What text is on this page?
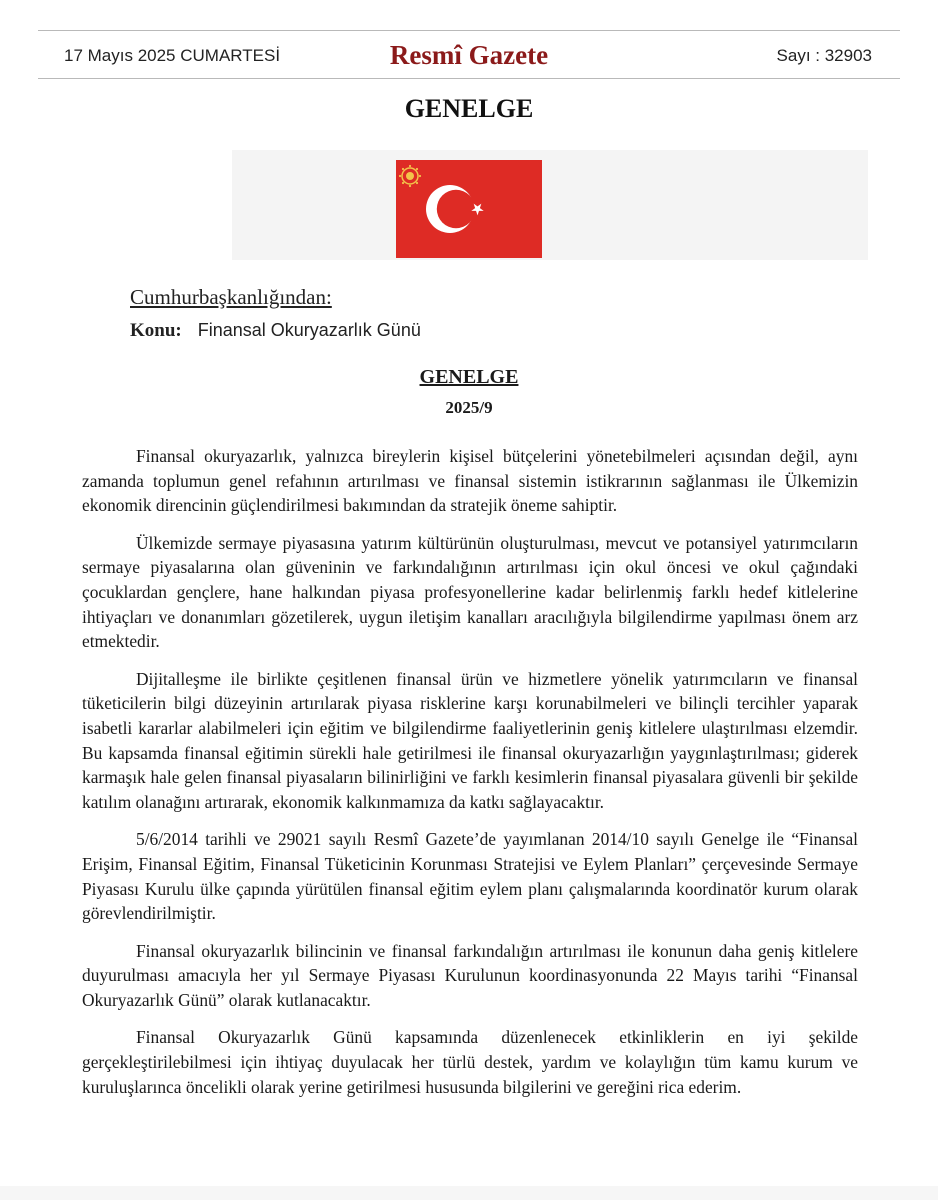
17 Mayıs 2025 CUMARTESİ	Resmî Gazete	Sayı : 32903
GENELGE
Cumhurbaşkanlığından:
Konu: Finansal Okuryazarlık Günü
GENELGE
2025/9

Finansal okuryazarlık, yalnızca bireylerin kişisel bütçelerini yönetebilmeleri açısından değil, aynı zamanda toplumun genel refahının artırılması ve finansal sistemin istikrarının sağlanması ile Ülkemizin ekonomik direncinin güçlendirilmesi bakımından da stratejik öneme sahiptir.

Ülkemizde sermaye piyasasına yatırım kültürünün oluşturulması, mevcut ve potansiyel yatırımcıların sermaye piyasalarına olan güveninin ve farkındalığının artırılması için okul öncesi ve okul çağındaki çocuklardan gençlere, hane halkından piyasa profesyonellerine kadar belirlenmiş farklı hedef kitlelerine ihtiyaçları ve donanımları gözetilerek, uygun iletişim kanalları aracılığıyla bilgilendirme yapılması önem arz etmektedir.

Dijitalleşme ile birlikte çeşitlenen finansal ürün ve hizmetlere yönelik yatırımcıların ve finansal tüketicilerin bilgi düzeyinin artırılarak piyasa risklerine karşı korunabilmeleri ve bilinçli tercihler yaparak isabetli kararlar alabilmeleri için eğitim ve bilgilendirme faaliyetlerinin geniş kitlelere ulaştırılması elzemdir. Bu kapsamda finansal eğitimin sürekli hale getirilmesi ile finansal okuryazarlığın yaygınlaştırılması; giderek karmaşık hale gelen finansal piyasaların bilinirliğini ve farklı kesimlerin finansal piyasalara güvenli bir şekilde katılım olanağını artırarak, ekonomik kalkınmamıza da katkı sağlayacaktır.

5/6/2014 tarihli ve 29021 sayılı Resmî Gazete’de yayımlanan 2014/10 sayılı Genelge ile “Finansal Erişim, Finansal Eğitim, Finansal Tüketicinin Korunması Stratejisi ve Eylem Planları” çerçevesinde Sermaye Piyasası Kurulu ülke çapında yürütülen finansal eğitim eylem planı çalışmalarında koordinatör kurum olarak görevlendirilmiştir.

Finansal okuryazarlık bilincinin ve finansal farkındalığın artırılması ile konunun daha geniş kitlelere duyurulması amacıyla her yıl Sermaye Piyasası Kurulunun koordinasyonunda 22 Mayıs tarihi “Finansal Okuryazarlık Günü” olarak kutlanacaktır.

Finansal Okuryazarlık Günü kapsamında düzenlenecek etkinliklerin en iyi şekilde gerçekleştirilebilmesi için ihtiyaç duyulacak her türlü destek, yardım ve kolaylığın tüm kamu kurum ve kuruluşlarınca öncelikli olarak yerine getirilmesi hususunda bilgilerini ve gereğini rica ederim.
